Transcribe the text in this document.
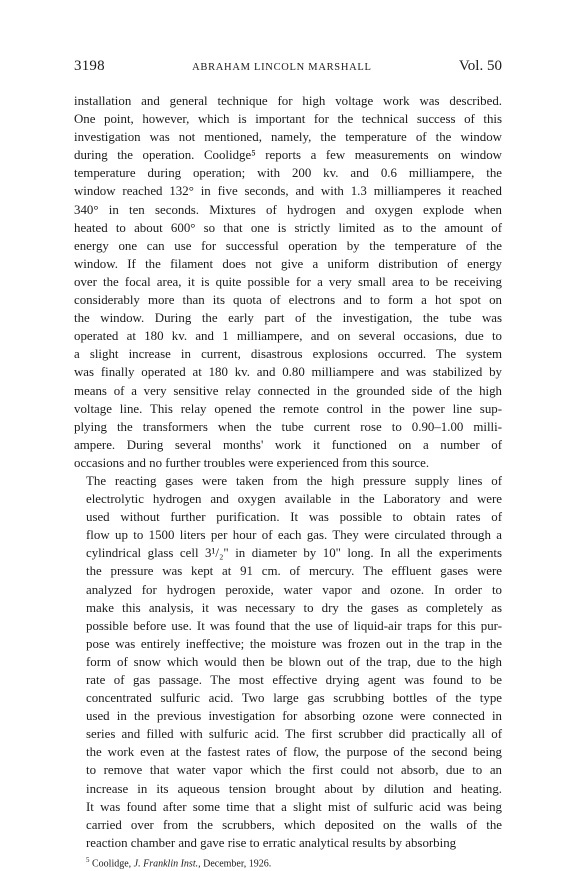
3198	ABRAHAM LINCOLN MARSHALL	Vol. 50

installation and general technique for high voltage work was described.
One point, however, which is important for the technical success of this
investigation was not mentioned, namely, the temperature of the window
during the operation. Coolidge⁵ reports a few measurements on window
temperature during operation; with 200 kv. and 0.6 milliampere, the
window reached 132° in five seconds, and with 1.3 milliamperes it reached
340° in ten seconds. Mixtures of hydrogen and oxygen explode when
heated to about 600° so that one is strictly limited as to the amount of
energy one can use for successful operation by the temperature of the
window. If the filament does not give a uniform distribution of energy
over the focal area, it is quite possible for a very small area to be receiving
considerably more than its quota of electrons and to form a hot spot on
the window. During the early part of the investigation, the tube was
operated at 180 kv. and 1 milliampere, and on several occasions, due to
a slight increase in current, disastrous explosions occurred. The system
was finally operated at 180 kv. and 0.80 milliampere and was stabilized by
means of a very sensitive relay connected in the grounded side of the high
voltage line. This relay opened the remote control in the power line sup-
plying the transformers when the tube current rose to 0.90–1.00 milli-
ampere. During several months' work it functioned on a number of
occasions and no further troubles were experienced from this source.

The reacting gases were taken from the high pressure supply lines of
electrolytic hydrogen and oxygen available in the Laboratory and were
used without further purification. It was possible to obtain rates of
flow up to 1500 liters per hour of each gas. They were circulated through a
cylindrical glass cell 3¹/₂" in diameter by 10" long. In all the experiments
the pressure was kept at 91 cm. of mercury. The effluent gases were
analyzed for hydrogen peroxide, water vapor and ozone. In order to
make this analysis, it was necessary to dry the gases as completely as
possible before use. It was found that the use of liquid-air traps for this pur-
pose was entirely ineffective; the moisture was frozen out in the trap in the
form of snow which would then be blown out of the trap, due to the high
rate of gas passage. The most effective drying agent was found to be
concentrated sulfuric acid. Two large gas scrubbing bottles of the type
used in the previous investigation for absorbing ozone were connected in
series and filled with sulfuric acid. The first scrubber did practically all of
the work even at the fastest rates of flow, the purpose of the second being
to remove that water vapor which the first could not absorb, due to an
increase in its aqueous tension brought about by dilution and heating.
It was found after some time that a slight mist of sulfuric acid was being
carried over from the scrubbers, which deposited on the walls of the
reaction chamber and gave rise to erratic analytical results by absorbing

$^5$ Coolidge, J. Franklin Inst., December, 1926.
